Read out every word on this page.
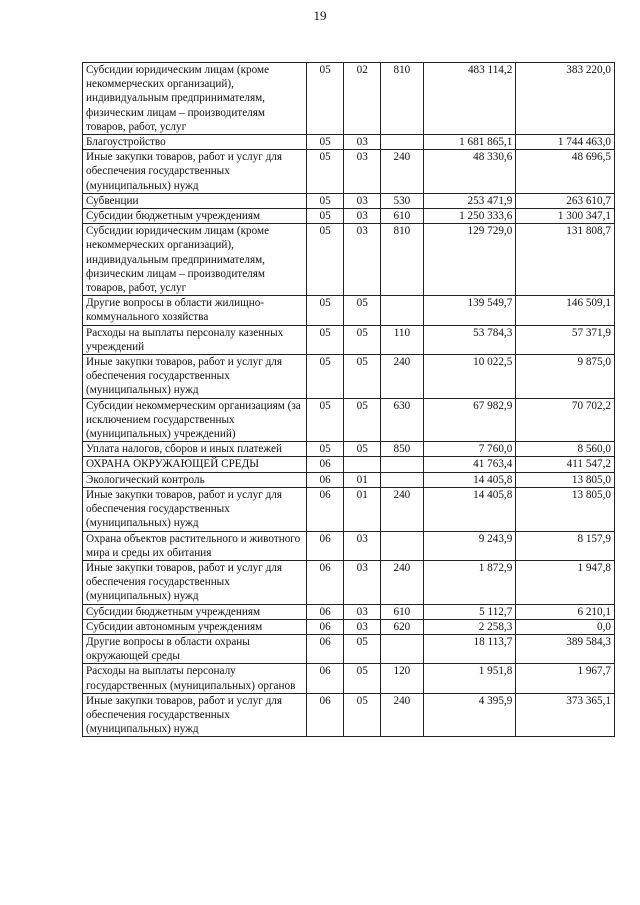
19
Субсидии юридическим лицам (кроме некоммерческих организаций), индивидуальным предпринимателям, физическим лицам – производителям товаров, работ, услуг	05	02	810	483 114,2	383 220,0
Благоустройство	05	03		1 681 865,1	1 744 463,0
Иные закупки товаров, работ и услуг для обеспечения государственных (муниципальных) нужд	05	03	240	48 330,6	48 696,5
Субвенции	05	03	530	253 471,9	263 610,7
Субсидии бюджетным учреждениям	05	03	610	1 250 333,6	1 300 347,1
Субсидии юридическим лицам (кроме некоммерческих организаций), индивидуальным предпринимателям, физическим лицам – производителям товаров, работ, услуг	05	03	810	129 729,0	131 808,7
Другие вопросы в области жилищно-коммунального хозяйства	05	05		139 549,7	146 509,1
Расходы на выплаты персоналу казенных учреждений	05	05	110	53 784,3	57 371,9
Иные закупки товаров, работ и услуг для обеспечения государственных (муниципальных) нужд	05	05	240	10 022,5	9 875,0
Субсидии некоммерческим организациям (за исключением государственных (муниципальных) учреждений)	05	05	630	67 982,9	70 702,2
Уплата налогов, сборов и иных платежей	05	05	850	7 760,0	8 560,0
ОХРАНА ОКРУЖАЮЩЕЙ СРЕДЫ	06			41 763,4	411 547,2
Экологический контроль	06	01		14 405,8	13 805,0
Иные закупки товаров, работ и услуг для обеспечения государственных (муниципальных) нужд	06	01	240	14 405,8	13 805,0
Охрана объектов растительного и животного мира и среды их обитания	06	03		9 243,9	8 157,9
Иные закупки товаров, работ и услуг для обеспечения государственных (муниципальных) нужд	06	03	240	1 872,9	1 947,8
Субсидии бюджетным учреждениям	06	03	610	5 112,7	6 210,1
Субсидии автономным учреждениям	06	03	620	2 258,3	0,0
Другие вопросы в области охраны окружающей среды	06	05		18 113,7	389 584,3
Расходы на выплаты персоналу государственных (муниципальных) органов	06	05	120	1 951,8	1 967,7
Иные закупки товаров, работ и услуг для обеспечения государственных (муниципальных) нужд	06	05	240	4 395,9	373 365,1
